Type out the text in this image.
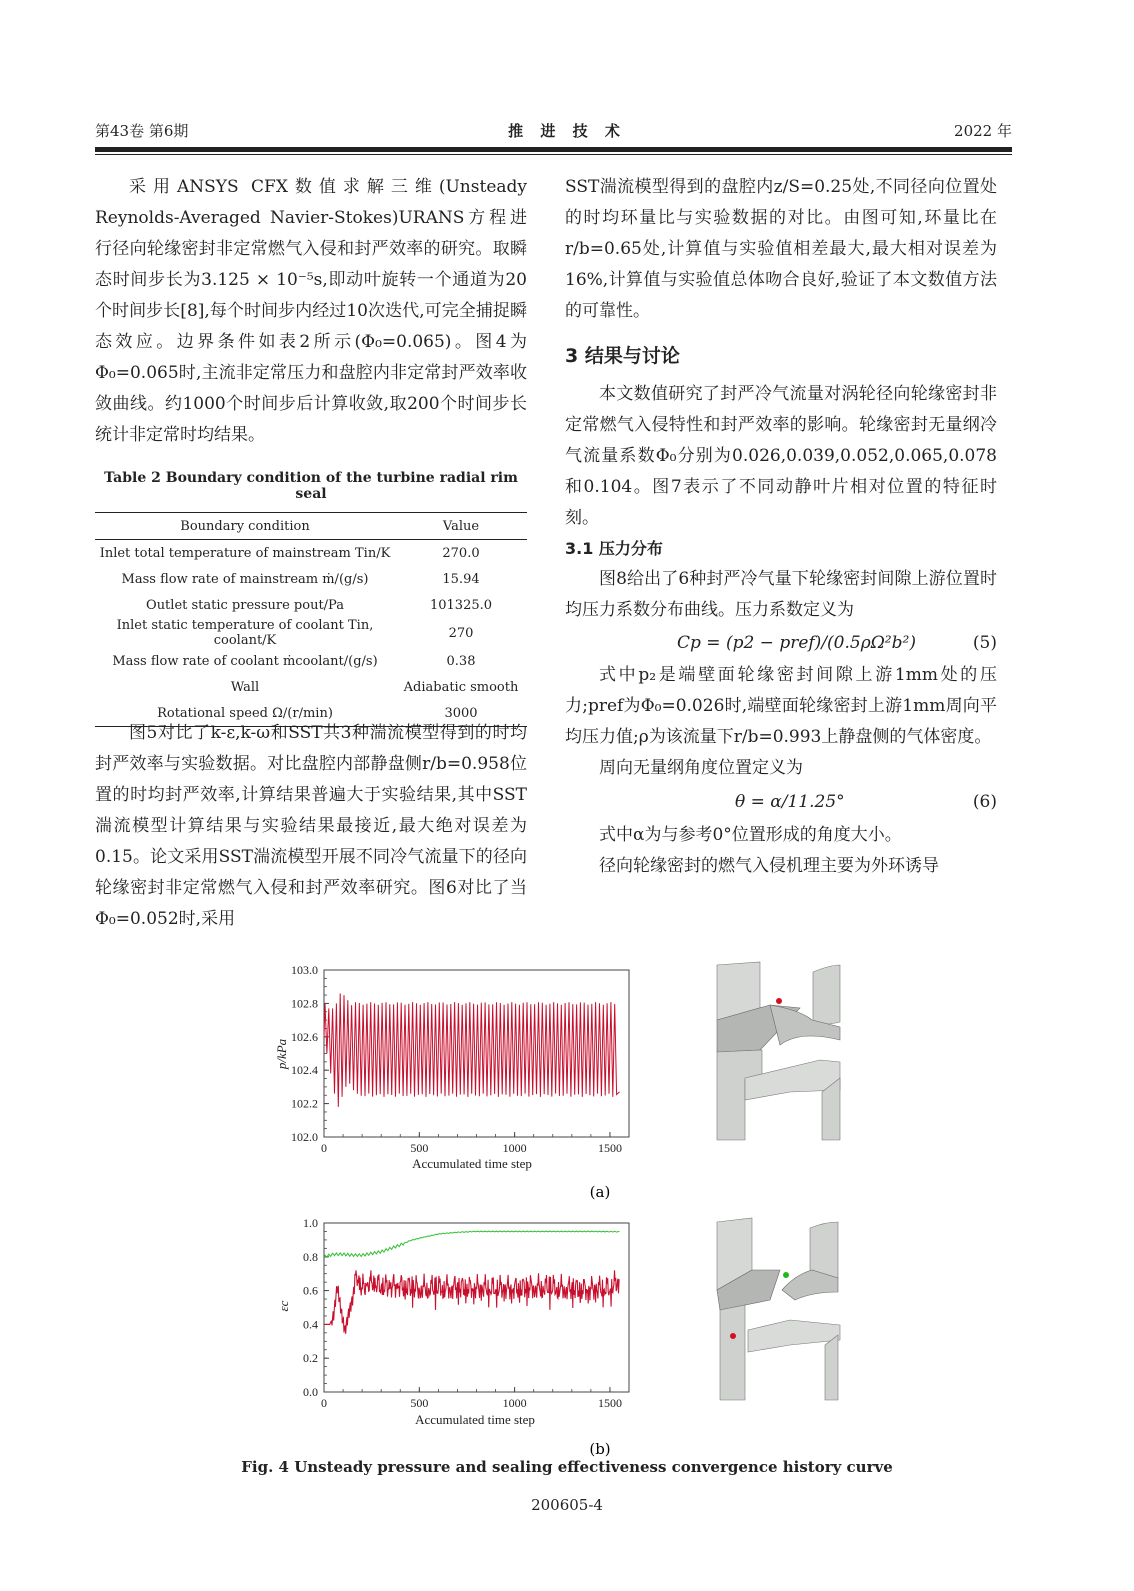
第43卷 第6期	推 进 技 术	2022 年

采用ANSYS CFX数值求解三维(Unsteady Reynolds-Averaged Navier-Stokes)URANS方程进行径向轮缘密封非定常燃气入侵和封严效率的研究。取瞬态时间步长为3.125 × 10⁻⁵s,即动叶旋转一个通道为20个时间步长[8],每个时间步内经过10次迭代,可完全捕捉瞬态效应。边界条件如表2所示(Φ₀=0.065)。图4为Φ₀=0.065时,主流非定常压力和盘腔内非定常封严效率收敛曲线。约1000个时间步后计算收敛,取200个时间步长统计非定常时均结果。

Table 2 Boundary condition of the turbine radial rim seal
Boundary condition	Value
Inlet total temperature of mainstream Tin/K	270.0
Mass flow rate of mainstream ṁ/(g/s)	15.94
Outlet static pressure pout/Pa	101325.0
Inlet static temperature of coolant Tin, coolant/K	270
Mass flow rate of coolant ṁcoolant/(g/s)	0.38
Wall	Adiabatic smooth
Rotational speed Ω/(r/min)	3000

图5对比了k-ε,k-ω和SST共3种湍流模型得到的时均封严效率与实验数据。对比盘腔内部静盘侧r/b=0.958位置的时均封严效率,计算结果普遍大于实验结果,其中SST湍流模型计算结果与实验结果最接近,最大绝对误差为0.15。论文采用SST湍流模型开展不同冷气流量下的径向轮缘密封非定常燃气入侵和封严效率研究。图6对比了当Φ₀=0.052时,采用

SST湍流模型得到的盘腔内z/S=0.25处,不同径向位置处的时均环量比与实验数据的对比。由图可知,环量比在r/b=0.65处,计算值与实验值相差最大,最大相对误差为16%,计算值与实验值总体吻合良好,验证了本文数值方法的可靠性。

3 结果与讨论

本文数值研究了封严冷气流量对涡轮径向轮缘密封非定常燃气入侵特性和封严效率的影响。轮缘密封无量纲冷气流量系数Φ₀分别为0.026,0.039,0.052,0.065,0.078和0.104。图7表示了不同动静叶片相对位置的特征时刻。

3.1 压力分布

图8给出了6种封严冷气量下轮缘密封间隙上游位置时均压力系数分布曲线。压力系数定义为

Cp = (p2 − pref)/(0.5ρΩ²b²)	(5)

式中p₂是端壁面轮缘密封间隙上游1mm处的压力;pref为Φ₀=0.026时,端壁面轮缘密封上游1mm周向平均压力值;ρ为该流量下r/b=0.993上静盘侧的气体密度。

周向无量纲角度位置定义为

θ = α/11.25°	(6)

式中α为与参考0°位置形成的角度大小。

径向轮缘密封的燃气入侵机理主要为外环诱导

0	500	1000	1500
102.0
102.2
102.4
102.6
102.8
103.0
Accumulated time step
p/kPa
(a)
0	500	1000	1500
0.0
0.2
0.4
0.6
0.8
1.0
Accumulated time step
εc
(b)
Fig. 4 Unsteady pressure and sealing effectiveness convergence history curve
200605-4
